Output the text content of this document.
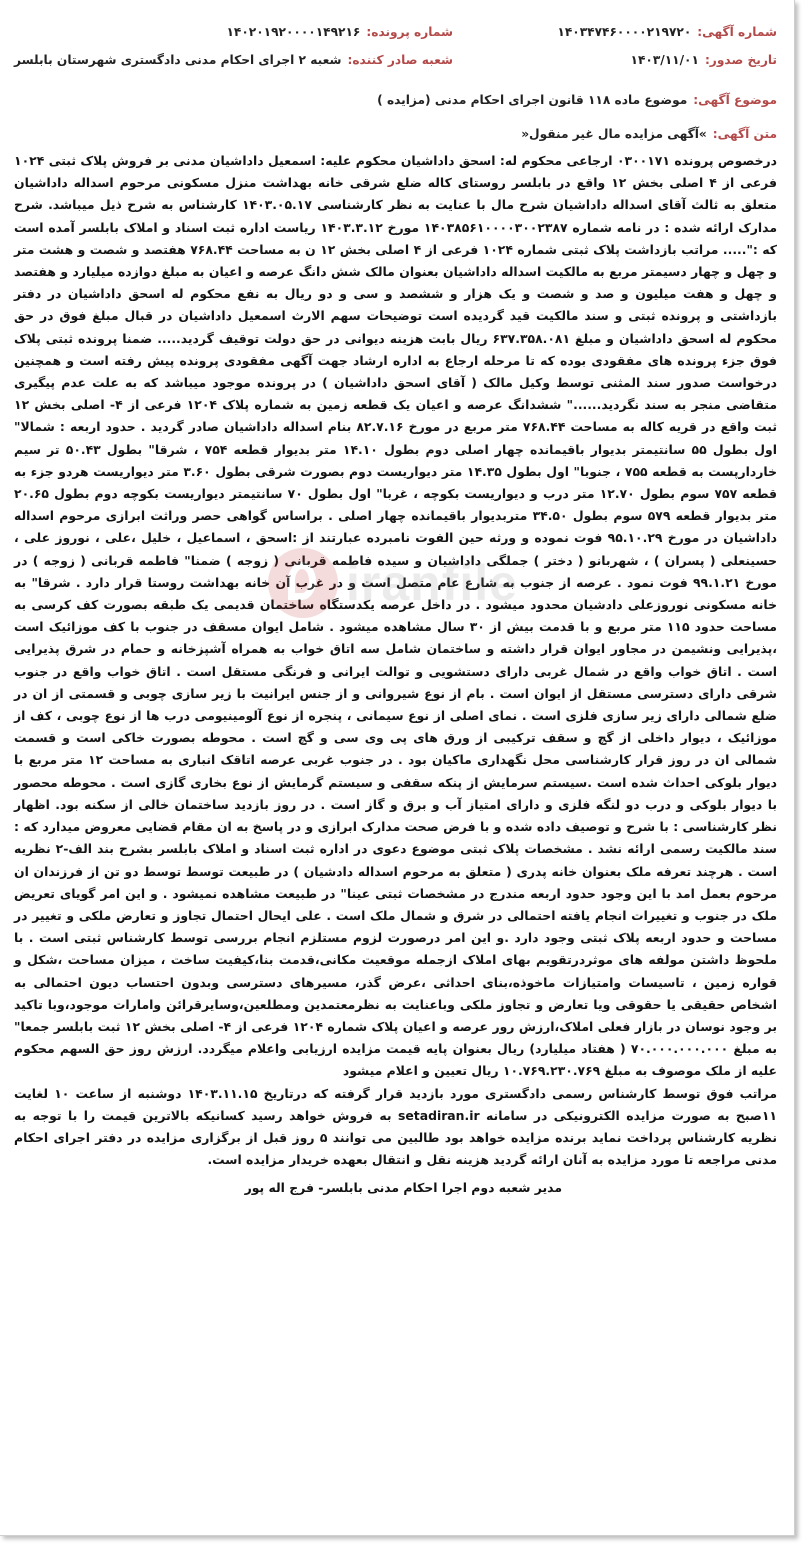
شماره آگهی:۱۴۰۳۴۷۴۶۰۰۰۰۲۱۹۷۲۰
شماره پرونده:۱۴۰۲۰۱۹۲۰۰۰۰۱۴۹۲۱۶
تاریخ صدور:۱۴۰۳/۱۱/۰۱
شعبه صادر کننده:شعبه ۲ اجرای احکام مدنی دادگستری شهرستان بابلسر
موضوع آگهی:موضوع ماده ۱۱۸ قانون اجرای احکام مدنی (مزایده )
متن آگهی:»آگهی مزایده مال غیر منقول«

درخصوص پرونده ۰۳۰۰۱۷۱ ارجاعی محکوم له: اسحق داداشیان محکوم علیه: اسمعیل داداشیان مدنی بر فروش پلاک ثبتی ۱۰۲۴ فرعی از ۴ اصلی بخش ۱۲ واقع در بابلسر روستای کاله ضلع شرقی خانه بهداشت منزل مسکونی مرحوم اسداله داداشیان متعلق به ثالث آقای اسداله داداشیان شرح مال با عنایت به نظر کارشناسی ۱۴۰۳.۰۵.۱۷ کارشناس به شرح ذیل میباشد. شرح مدارک ارائه شده : در نامه شماره ۱۴۰۳۸۵۶۱۰۰۰۰۳۰۰۲۳۸۷ مورخ ۱۴۰۳.۳.۱۲ ریاست اداره ثبت اسناد و املاک بابلسر آمده است که :"..... مراتب بازداشت پلاک ثبتی شماره ۱۰۲۴ فرعی از ۴ اصلی بخش ۱۲ ن به مساحت ۷۶۸.۴۴ هفتصد و شصت و هشت متر و چهل و چهار دسیمتر مربع به مالکیت اسداله داداشیان بعنوان مالک شش دانگ عرصه و اعیان به مبلغ دوازده میلیارد و هفتصد و چهل و هفت میلیون و صد و شصت و یک هزار و ششصد و سی و دو ریال به نفع محکوم له اسحق داداشیان در دفتر بازداشتی و پرونده ثبتی و سند مالکیت قید گردیده است توضیحات سهم الارث اسمعیل داداشیان در قبال مبلغ فوق در حق محکوم له اسحق داداشیان و مبلغ ۶۳۷.۳۵۸.۰۸۱ ریال بابت هزینه دیوانی در حق دولت توقیف گردید..... ضمنا پرونده ثبتی پلاک فوق جزء پرونده های مفقودی بوده که تا مرحله ارجاع به اداره ارشاد جهت آگهی مفقودی پرونده پیش رفته است و همچنین درخواست صدور سند المثنی توسط وکیل مالک ( آقای اسحق داداشیان ) در پرونده موجود میباشد که به علت عدم پیگیری متقاضی منجر به سند نگردید......" ششدانگ عرصه و اعیان یک قطعه زمین به شماره پلاک ۱۲۰۴ فرعی از ۴- اصلی بخش ۱۲ ثبت واقع در قریه کاله به مساحت ۷۶۸.۴۴ متر مربع در مورخ ۸۲.۷.۱۶ بنام اسداله داداشیان صادر گردید . حدود اربعه : شمالا" اول بطول ۵۵ سانتیمتر بدیوار باقیمانده چهار اصلی دوم بطول ۱۴.۱۰ متر بدیوار قطعه ۷۵۴ ، شرقا" بطول ۵۰.۴۳ تر سیم خاردارپست به قطعه ۷۵۵ ، جنوبا" اول بطول ۱۴.۳۵ متر دیواریست دوم بصورت شرقی بطول ۳.۶۰ متر دیواریست هردو جزء به قطعه ۷۵۷ سوم بطول ۱۲.۷۰ متر درب و دیواریست بکوچه ، غربا" اول بطول ۷۰ سانتیمتر دیواریست بکوچه دوم بطول ۲۰.۶۵ متر بدیوار قطعه ۵۷۹ سوم بطول ۳۴.۵۰ متربدیوار باقیمانده چهار اصلی . براساس گواهی حصر وراثت ابرازی مرحوم اسداله داداشیان در مورخ ۹۵.۱۰.۲۹ فوت نموده و ورثه حین الفوت نامبرده عبارتند از :اسحق ، اسماعیل ، خلیل ،علی ، نوروز علی ، حسینعلی ( پسران ) ، شهربانو ( دختر ) جملگی داداشیان و سیده فاطمه قربانی ( زوجه ) ضمنا" فاطمه قربانی ( زوجه ) در مورخ ۹۹.۱.۲۱ فوت نمود . عرصه از جنوب به شارع عام متصل است و در غرب آن خانه بهداشت روستا قرار دارد . شرقا" به خانه مسکونی نوروزعلی دادشیان محدود میشود . در داخل عرصه یکدستگاه ساختمان قدیمی یک طبقه بصورت کف کرسی به مساحت حدود ۱۱۵ متر مربع و با قدمت بیش از ۳۰ سال مشاهده میشود . شامل ایوان مسقف در جنوب با کف موزائیک است ،پذیرایی ونشیمن در مجاور ایوان قرار داشته و ساختمان شامل سه اتاق خواب به همراه آشپزخانه و حمام در شرق پذیرایی است . اتاق خواب واقع در شمال غربی دارای دستشویی و توالت ایرانی و فرنگی مستقل است . اتاق خواب واقع در جنوب شرقی دارای دسترسی مستقل از ایوان است . بام از نوع شیروانی و از جنس ایرانیت با زیر سازی چوبی و قسمتی از ان در ضلع شمالی دارای زیر سازی فلزی است . نمای اصلی از نوع سیمانی ، پنجره از نوع آلومینیومی درب ها از نوع چوبی ، کف از موزائیک ، دیوار داخلی از گچ و سقف ترکیبی از ورق های پی وی سی و گچ است . محوطه بصورت خاکی است و قسمت شمالی ان در روز قرار کارشناسی محل نگهداری ماکیان بود . در جنوب غربی عرصه اتاقک انباری به مساحت ۱۲ متر مربع با دیوار بلوکی احداث شده است .سیستم سرمایش از پنکه سقفی و سیستم گرمایش از نوع بخاری گازی است . محوطه محصور با دیوار بلوکی و درب دو لنگه فلزی و دارای امتیاز آب و برق و گاز است . در روز بازدید ساختمان خالی از سکنه بود. اظهار نظر کارشناسی : با شرح و توصیف داده شده و با فرض صحت مدارک ابرازی و در پاسخ به ان مقام قضایی معروض میدارد که : سند مالکیت رسمی ارائه نشد . مشخصات پلاک ثبتی موضوع دعوی در اداره ثبت اسناد و املاک بابلسر بشرح بند الف-۲ نظریه است . هرچند تعرفه ملک بعنوان خانه پدری ( متعلق به مرحوم اسداله دادشیان ) در طبیعت توسط توسط دو تن از فرزندان ان مرحوم بعمل امد با این وجود حدود اربعه مندرج در مشخصات ثبتی عینا" در طبیعت مشاهده نمیشود . و این امر گویای تعریض ملک در جنوب و تغییرات انجام یافته احتمالی در شرق و شمال ملک است . علی ایحال احتمال تجاوز و تعارض ملکی و تغییر در مساحت و حدود اربعه پلاک ثبتی وجود دارد .و این امر درصورت لزوم مستلزم انجام بررسی توسط کارشناس ثبتی است . با ملحوظ داشتن مولفه های موثردرتقویم بهای املاک ازجمله موقعیت مکانی،قدمت بنا،کیفیت ساخت ، میزان مساحت ،شکل و قواره زمین ، تاسیسات وامتیازات ماخوذه،بنای احداثی ،عرض گذر، مسیرهای دسترسی وبدون احتساب دیون احتمالی به اشخاص حقیقی یا حقوقی ویا تعارض و تجاوز ملکی وباعنایت به نظرمعتمدین ومطلعین،وسایرقرائن وامارات موجود،وبا تاکید بر وجود نوسان در بازار فعلی املاک،ارزش رور عرصه و اعیان پلاک شماره ۱۲۰۴ فرعی از ۴- اصلی بخش ۱۲ ثبت بابلسر جمعا" به مبلغ ۷۰.۰۰۰.۰۰۰.۰۰۰ ( هفتاد میلیارد) ریال بعنوان پایه قیمت مزایده ارزیابی واعلام میگردد. ارزش روز حق السهم محکوم علیه از ملک موصوف به مبلغ ۱۰.۷۶۹.۲۳۰.۷۶۹ ریال تعیین و اعلام میشود

مراتب فوق توسط کارشناس رسمی دادگستری مورد بازدید قرار گرفته که درتاریخ ۱۴۰۳.۱۱.۱۵ دوشنبه از ساعت ۱۰ لغایت ۱۱صبح به صورت مزایده الکترونیکی در سامانه setadiran.ir به فروش خواهد رسید کسانیکه بالاترین قیمت را با توجه به نظریه کارشناس پرداخت نماید برنده مزایده خواهد بود طالبین می توانند ۵ روز قبل از برگزاری مزایده در دفتر اجرای احکام مدنی مراجعه تا مورد مزایده به آنان ارائه گردید هزینه نقل و انتقال بعهده خریدار مزایده است.

مدیر شعبه دوم اجرا احکام مدنی بابلسر- فرج اله پور
iranfile
